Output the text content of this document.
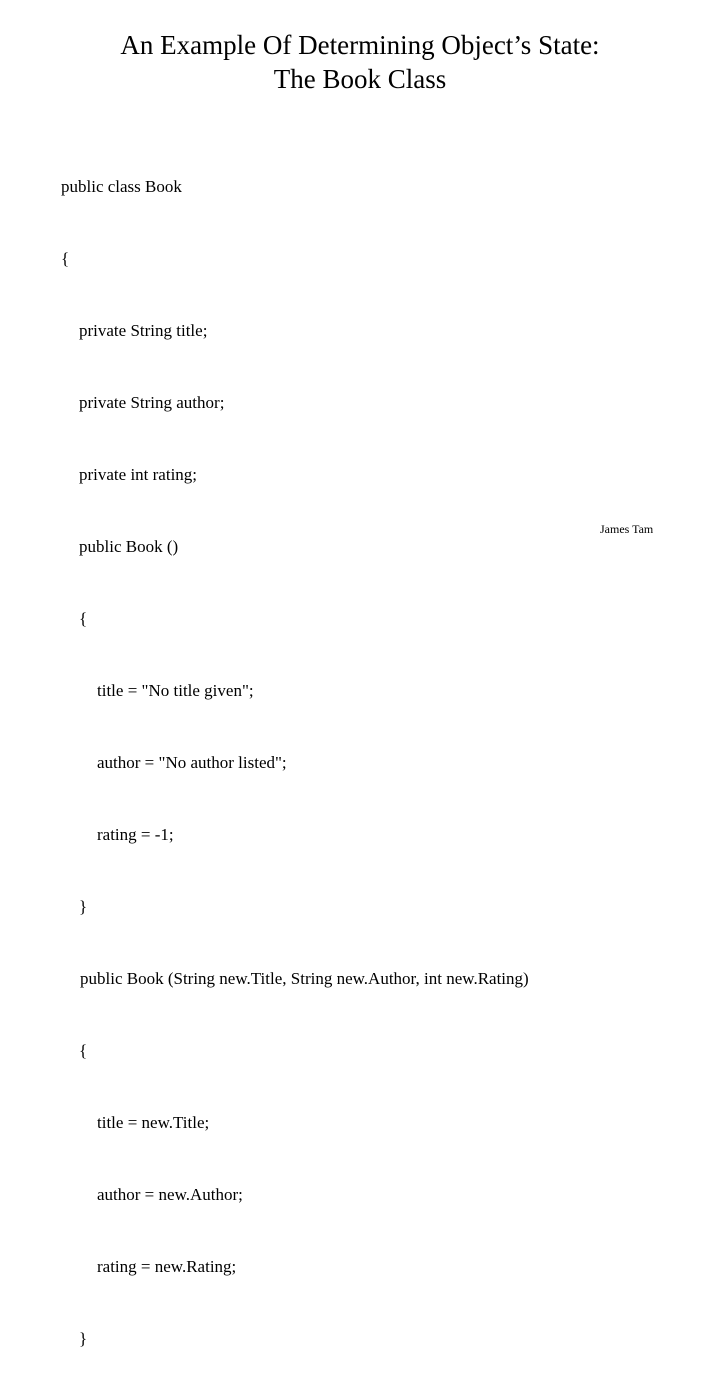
An Example Of Determining Object’s State:
The Book Class

public class Book

{

private String title;

private String author;

private int rating;

public Book ()

{

title = "No title given";

author = "No author listed";

rating = -1;

}

public Book (String new.Title, String new.Author, int new.Rating)

{

title = new.Title;

author = new.Author;

rating = new.Rating;

}

James Tam
